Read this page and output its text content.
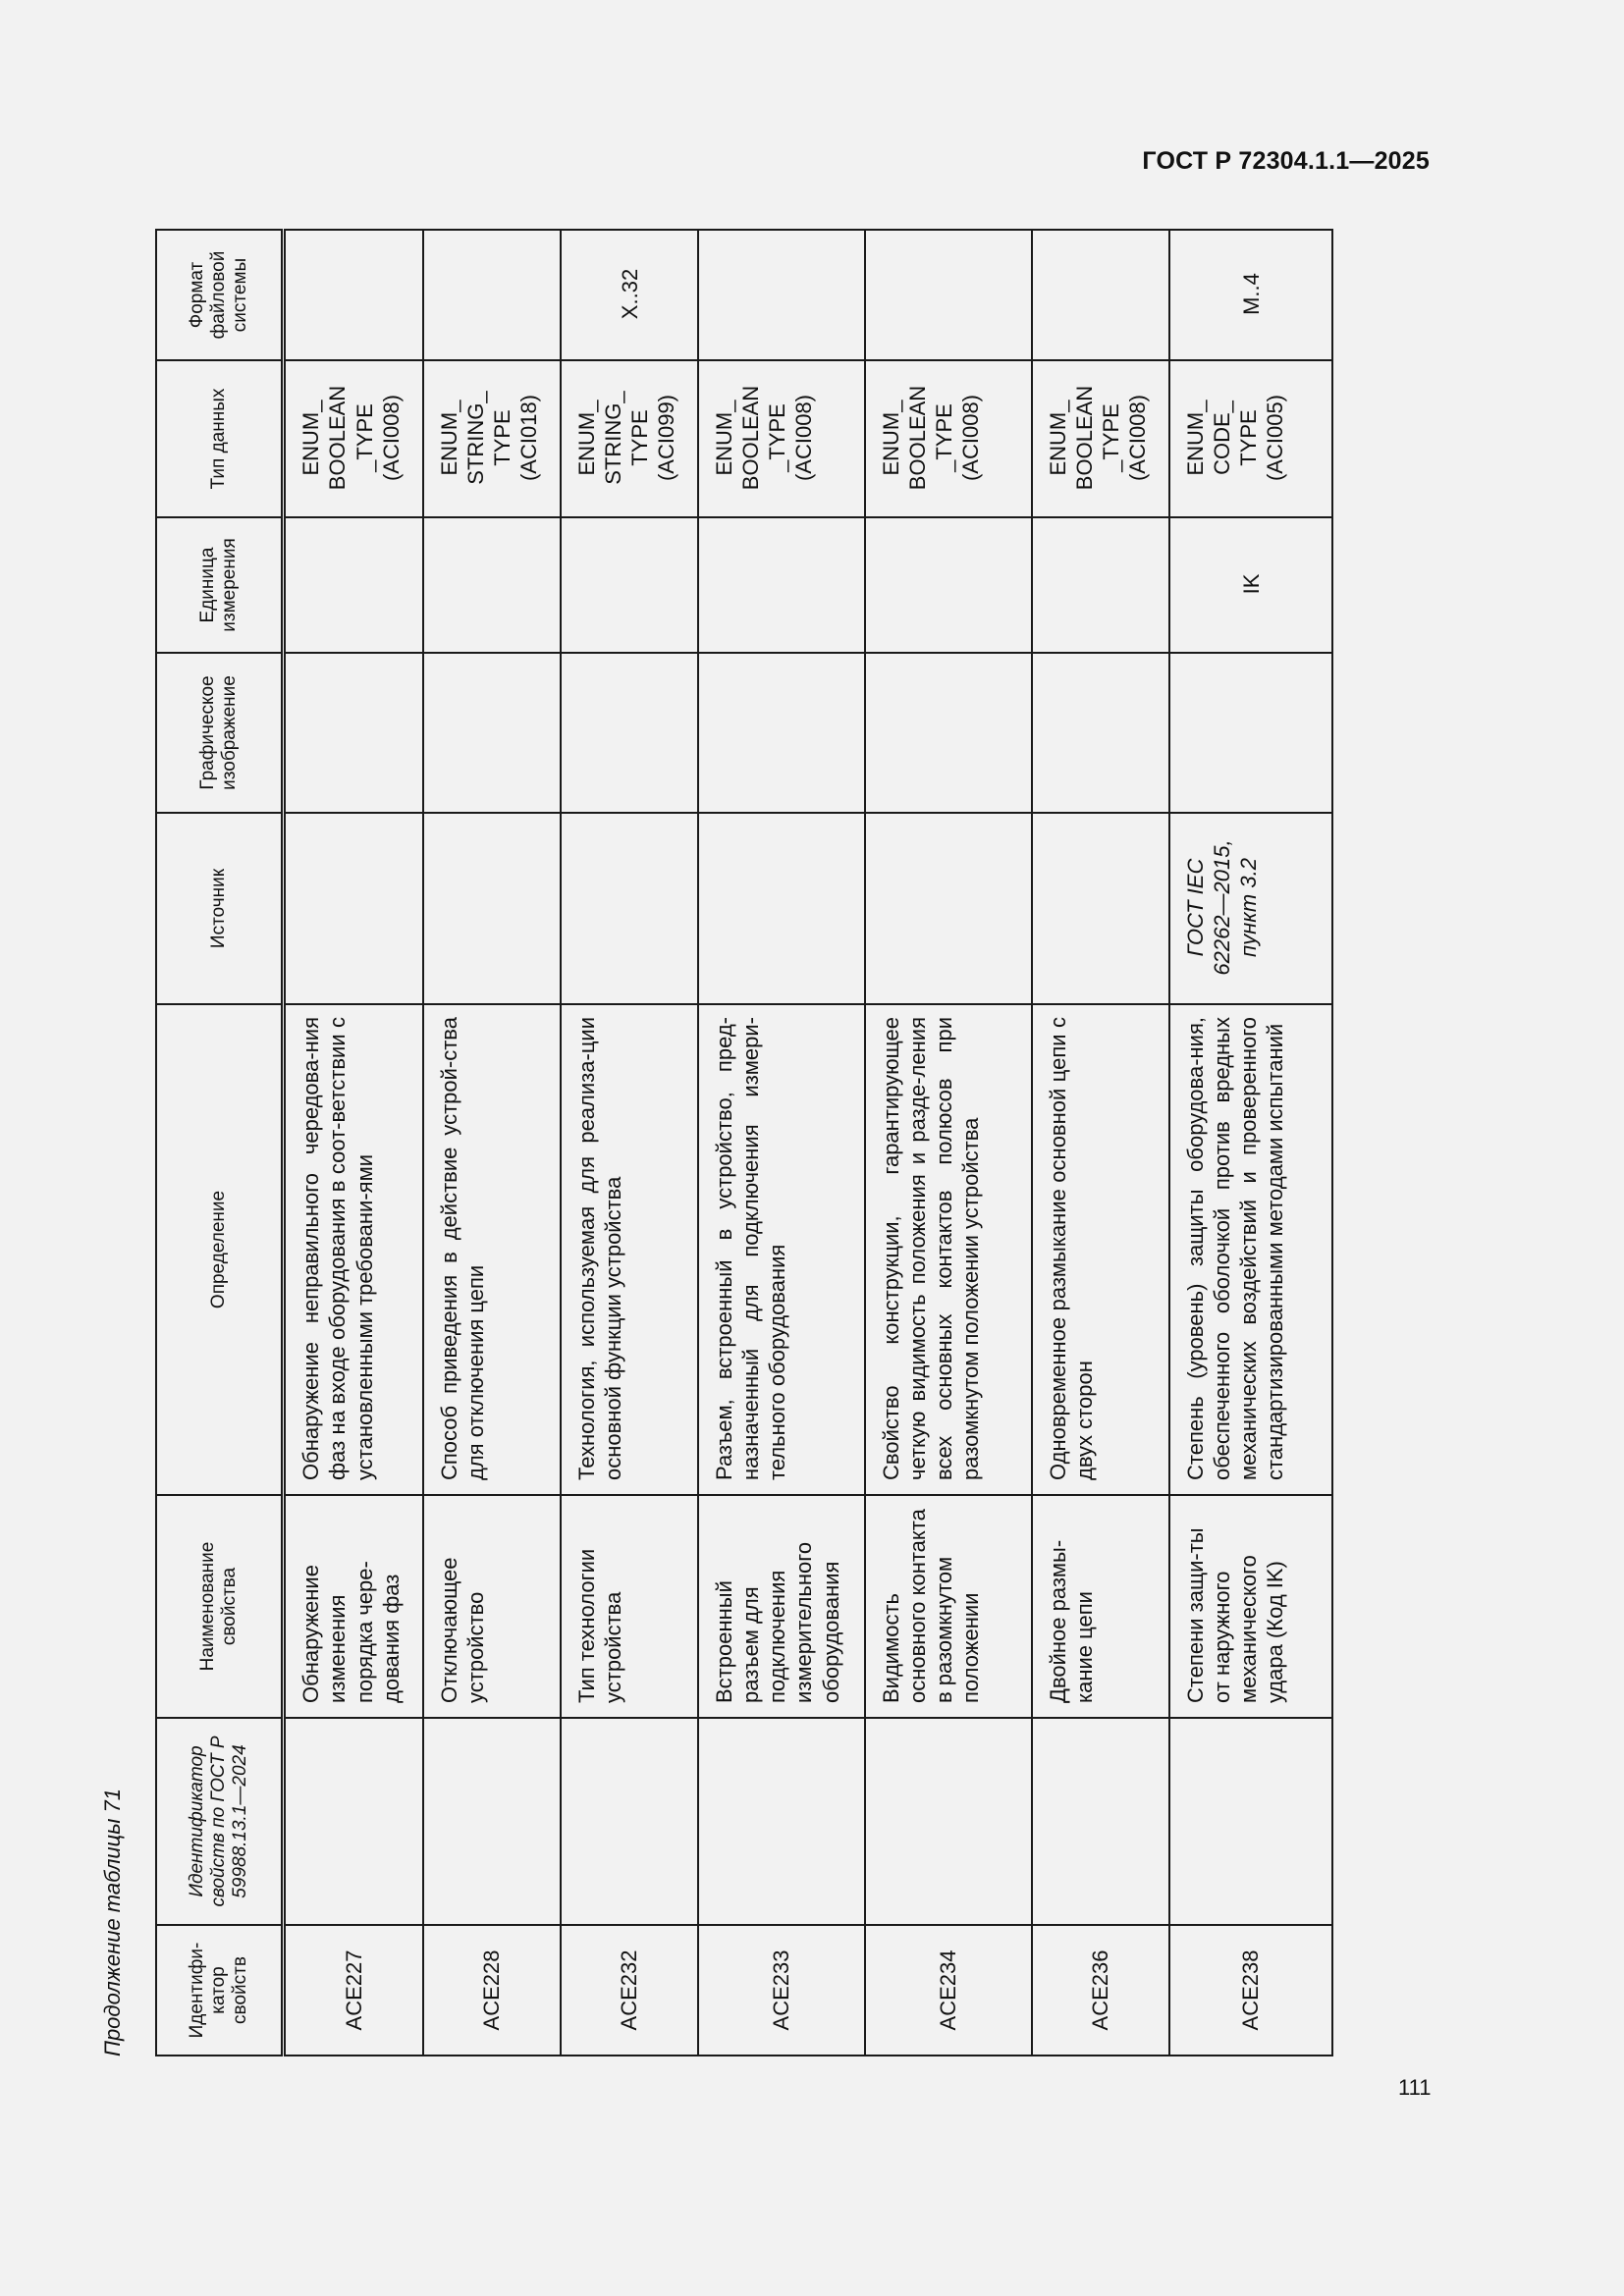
ГОСТ Р 72304.1.1—2025
Продолжение таблицы 71	Идентифи-катор свойств	Идентификатор свойств по ГОСТ Р 59988.13.1—2024	Наименование свойства	Определение	Источник	Графическое изображение	Единица измерения	Тип данных	Формат файловой системы
ACE227		Обнаружение изменения порядка чере-дования фаз	Обнаружение неправильного чередова-ния фаз на входе оборудования в соот-ветствии с установленными требовани-ями				ENUM_ BOOLEAN _TYPE (ACI008)	
ACE228		Отключающее устройство	Способ приведения в действие устрой-ства для отключения цепи				ENUM_ STRING_ TYPE (ACI018)	
ACE232		Тип технологии устройства	Технология, используемая для реализа-ции основной функции устройства				ENUM_ STRING_ TYPE (ACI099)	X..32
ACE233		Встроенный разъем для подключения измерительного оборудования	Разъем, встроенный в устройство, пред-назначенный для подключения измери-тельного оборудования				ENUM_ BOOLEAN _TYPE (ACI008)	
ACE234		Видимость основного контакта в разомкнутом положении	Свойство конструкции, гарантирующее четкую видимость положения и разде-ления всех основных контактов полюсов при разомкнутом положении устройства				ENUM_ BOOLEAN _TYPE (ACI008)	
ACE236		Двойное размы-кание цепи	Одновременное размыкание основной цепи с двух сторон				ENUM_ BOOLEAN _TYPE (ACI008)	
ACE238		Степени защи-ты от наружного механического удара (Код IK)	Степень (уровень) защиты оборудова-ния, обеспеченного оболочкой против вредных механических воздействий и проверенного стандартизированными методами испытаний	ГОСТ IEC 62262—2015, пункт 3.2		IK	ENUM_ CODE_ TYPE (ACI005)	M..4
111
